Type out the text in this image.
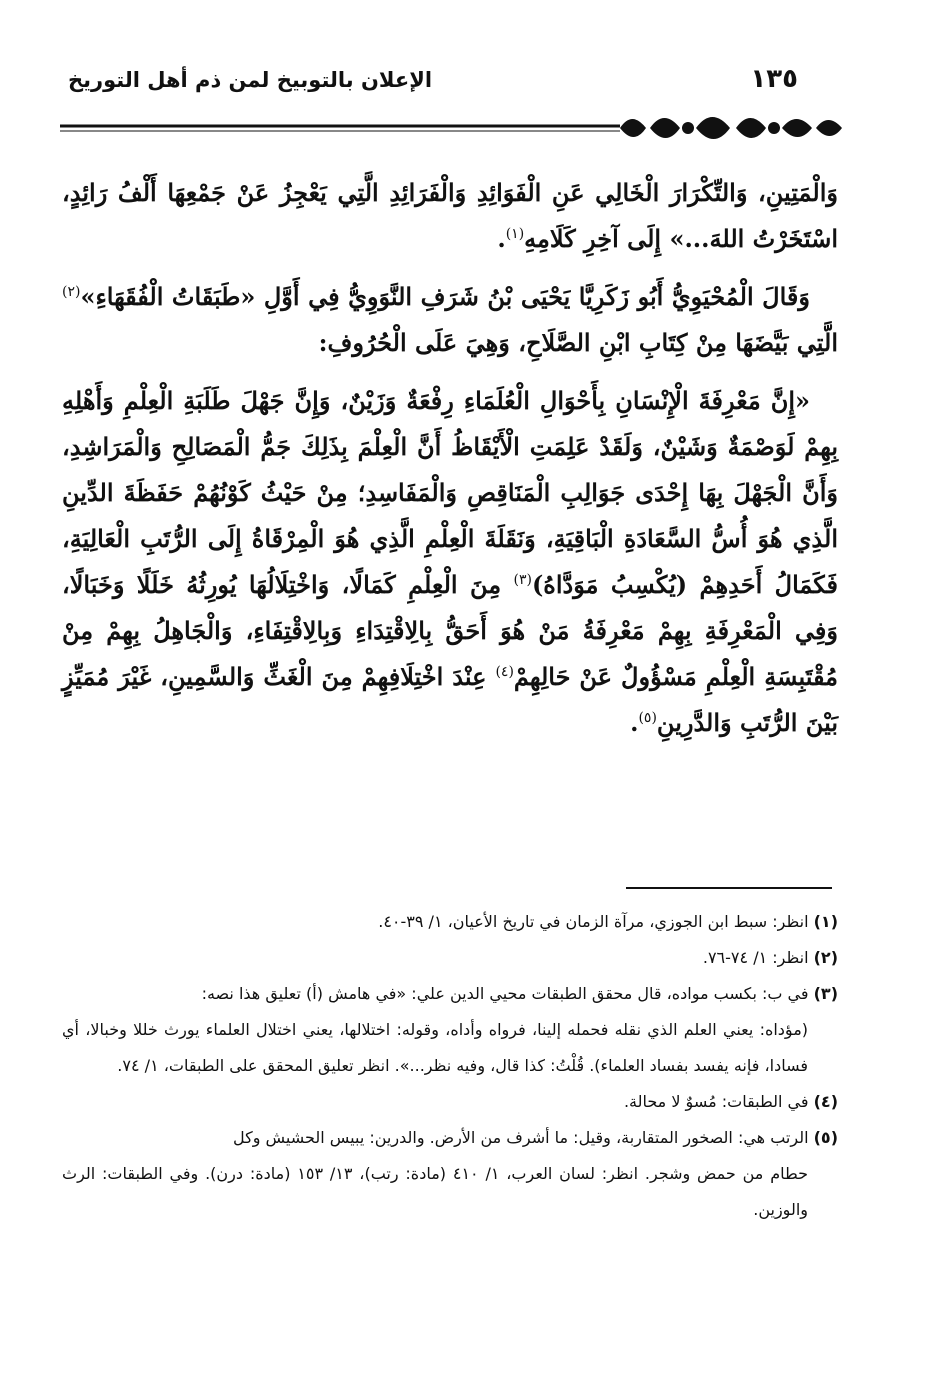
١٣٥
الإعلان بالتوبيخ لمن ذم أهل التوريخ

وَالْمَتِينِ، وَالتِّكْرَارَ الْخَالِي عَنِ الْفَوَائِدِ وَالْفَرَائِدِ الَّتِي يَعْجِزُ عَنْ جَمْعِهَا أَلْفُ رَائِدٍ، اسْتَخَرْتُ اللهَ...» إِلَى آخِرِ كَلَامِهِ$^{(١)}$.

وَقَالَ الْمُحْيَوِيُّ أَبُو زَكَرِيَّا يَحْيَى بْنُ شَرَفِ النَّوَوِيُّ فِي أَوَّلِ «طَبَقَاتُ الْفُقَهَاءِ»$^{(٢)}$ الَّتِي بَيَّضَهَا مِنْ كِتَابِ ابْنِ الصَّلَاحِ، وَهِيَ عَلَى الْحُرُوفِ:

«إِنَّ مَعْرِفَةَ الْإِنْسَانِ بِأَحْوَالِ الْعُلَمَاءِ رِفْعَةٌ وَزَيْنٌ، وَإِنَّ جَهْلَ طَلَبَةِ الْعِلْمِ وَأَهْلِهِ بِهِمْ لَوَصْمَةٌ وَشَيْنٌ، وَلَقَدْ عَلِمَتِ الْأَيْقَاظُ أَنَّ الْعِلْمَ بِذَلِكَ جَمُّ الْمَصَالِحِ وَالْمَرَاشِدِ، وَأَنَّ الْجَهْلَ بِهَا إِحْدَى جَوَالِبِ الْمَنَاقِصِ وَالْمَفَاسِدِ؛ مِنْ حَيْثُ كَوْنُهُمْ حَفَظَةَ الدِّينِ الَّذِي هُوَ أُسُّ السَّعَادَةِ الْبَاقِيَةِ، وَنَقَلَةَ الْعِلْمِ الَّذِي هُوَ الْمِرْقَاةُ إِلَى الرُّتَبِ الْعَالِيَةِ، فَكَمَالُ أَحَدِهِمْ (يُكْسِبُ مَوَدَّاهُ)$^{(٣)}$ مِنَ الْعِلْمِ كَمَالًا، وَاخْتِلَالُهَا يُورِثُهُ خَلَلًا وَخَبَالًا، وَفِي الْمَعْرِفَةِ بِهِمْ مَعْرِفَةُ مَنْ هُوَ أَحَقُّ بِالِاقْتِدَاءِ وَبِالِاقْتِفَاءِ، وَالْجَاهِلُ بِهِمْ مِنْ مُقْتَبِسَةِ الْعِلْمِ مَسْؤُولٌ عَنْ حَالِهِمْ$^{(٤)}$ عِنْدَ اخْتِلَافِهِمْ مِنَ الْغَثِّ وَالسَّمِينِ، غَيْرَ مُمَيِّزٍ بَيْنَ الرُّتَبِ وَالدَّرِينِ$^{(٥)}$.

(١) انظر: سبط ابن الجوزي، مرآة الزمان في تاريخ الأعيان، ١/ ٣٩-٤٠.

(٢) انظر: ١/ ٧٤-٧٦.

(٣) في ب: بكسب مواده، قال محقق الطبقات محيي الدين علي: «في هامش (أ) تعليق هذا نصه:

(مؤداه: يعني العلم الذي نقله فحمله إلينا، فرواه وأداه، وقوله: اختلالها، يعني اختلال العلماء يورث خللا وخبالا، أي فسادا، فإنه يفسد بفساد العلماء). قُلْتُ: كذا قال، وفيه نظر...». انظر تعليق المحقق على الطبقات، ١/ ٧٤.

(٤) في الطبقات: مُسوٌ لا محالة.

(٥) الرتب هي: الصخور المتقاربة، وقيل: ما أشرف من الأرض. والدرين: يبيس الحشيش وكل

حطام من حمض وشجر. انظر: لسان العرب، ١/ ٤١٠ (مادة: رتب)، ١٣/ ١٥٣ (مادة: درن). وفي الطبقات: الرث والوزين.
